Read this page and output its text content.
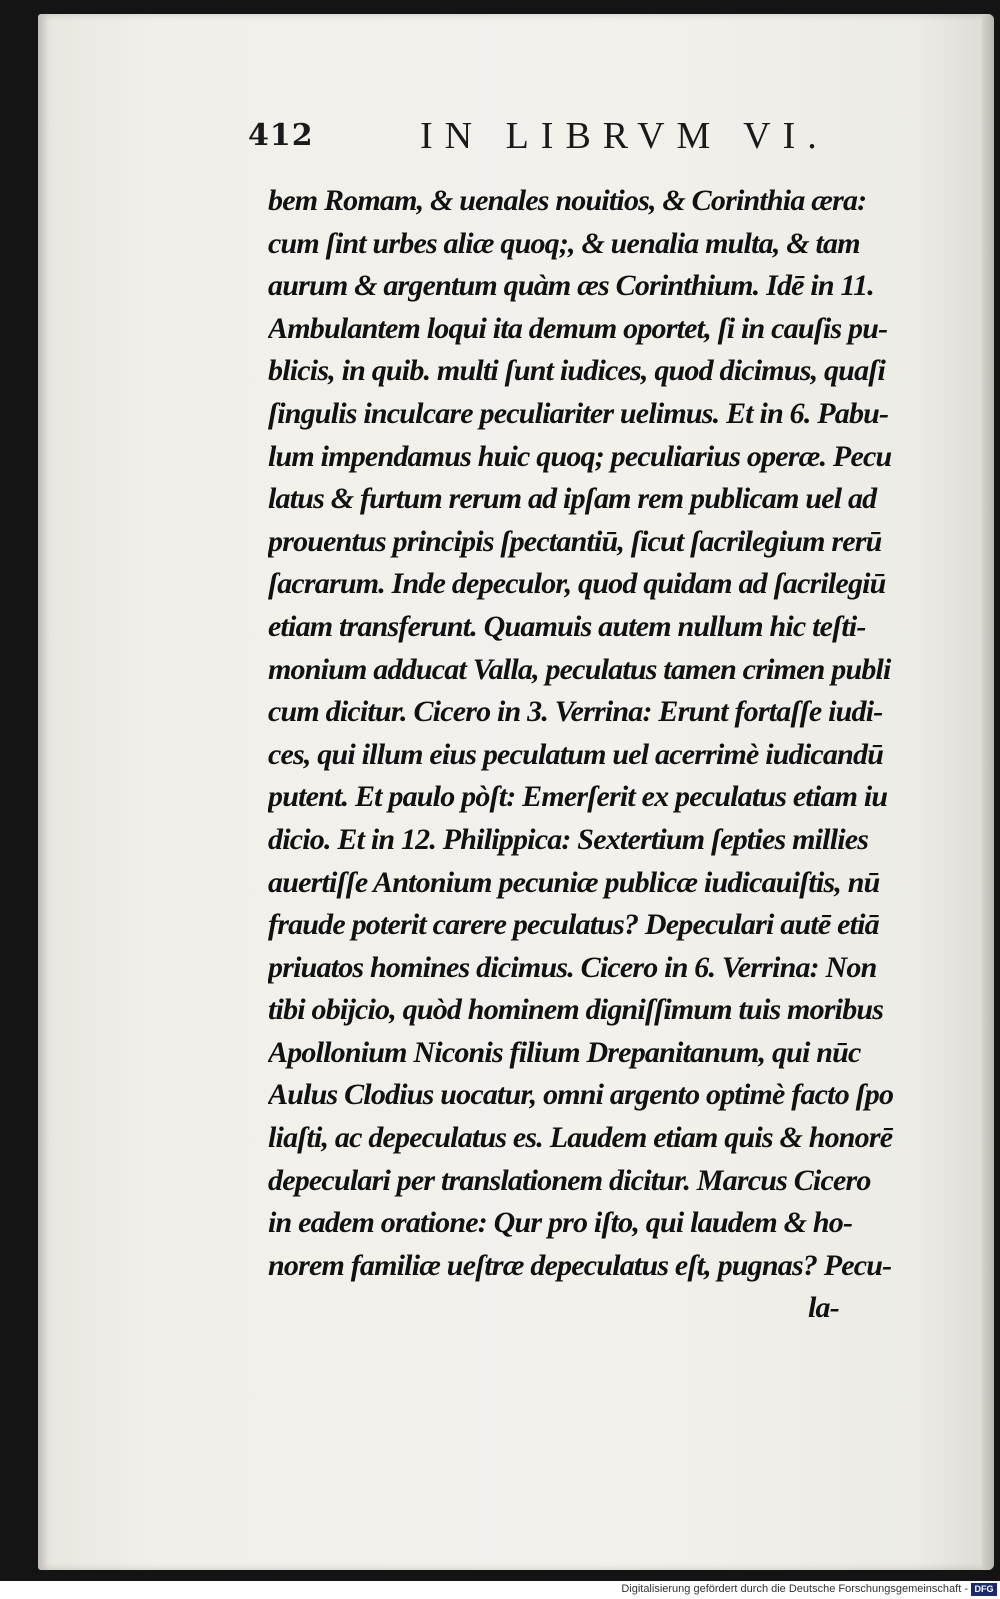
412	IN LIBRVM VI.
bem Romam, & uenales nouitios, & Corinthia æra:
cum ſint urbes aliæ quoq;, & uenalia multa, & tam
aurum & argentum quàm æs Corinthium. Idē in 11.
Ambulantem loqui ita demum oportet, ſi in cauſis pu-
blicis, in quib. multi ſunt iudices, quod dicimus, quaſi
ſingulis inculcare peculiariter uelimus. Et in 6. Pabu-
lum impendamus huic quoq; peculiarius operæ. Pecu
latus & furtum rerum ad ipſam rem publicam uel ad
prouentus principis ſpectantiū, ſicut ſacrilegium rerū
ſacrarum. Inde depeculor, quod quidam ad ſacrilegiū
etiam transferunt. Quamuis autem nullum hic teſti-
monium adducat Valla, peculatus tamen crimen publi
cum dicitur. Cicero in 3. Verrina: Erunt fortaſſe iudi-
ces, qui illum eius peculatum uel acerrimè iudicandū
putent. Et paulo pòſt: Emerſerit ex peculatus etiam iu
dicio. Et in 12. Philippica: Sextertium ſepties millies
auertiſſe Antonium pecuniæ publicæ iudicauiſtis, nū
fraude poterit carere peculatus? Depeculari autē etiā
priuatos homines dicimus. Cicero in 6. Verrina: Non
tibi obijcio, quòd hominem digniſſimum tuis moribus
Apollonium Niconis filium Drepanitanum, qui nūc
Aulus Clodius uocatur, omni argento optimè facto ſpo
liaſti, ac depeculatus es. Laudem etiam quis & honorē
depeculari per translationem dicitur. Marcus Cicero
in eadem oratione: Qur pro iſto, qui laudem & ho-
norem familiæ ueſtræ depeculatus eſt, pugnas? Pecu-
la-
Digitalisierung gefördert durch die Deutsche Forschungsgemeinschaft - DFG
